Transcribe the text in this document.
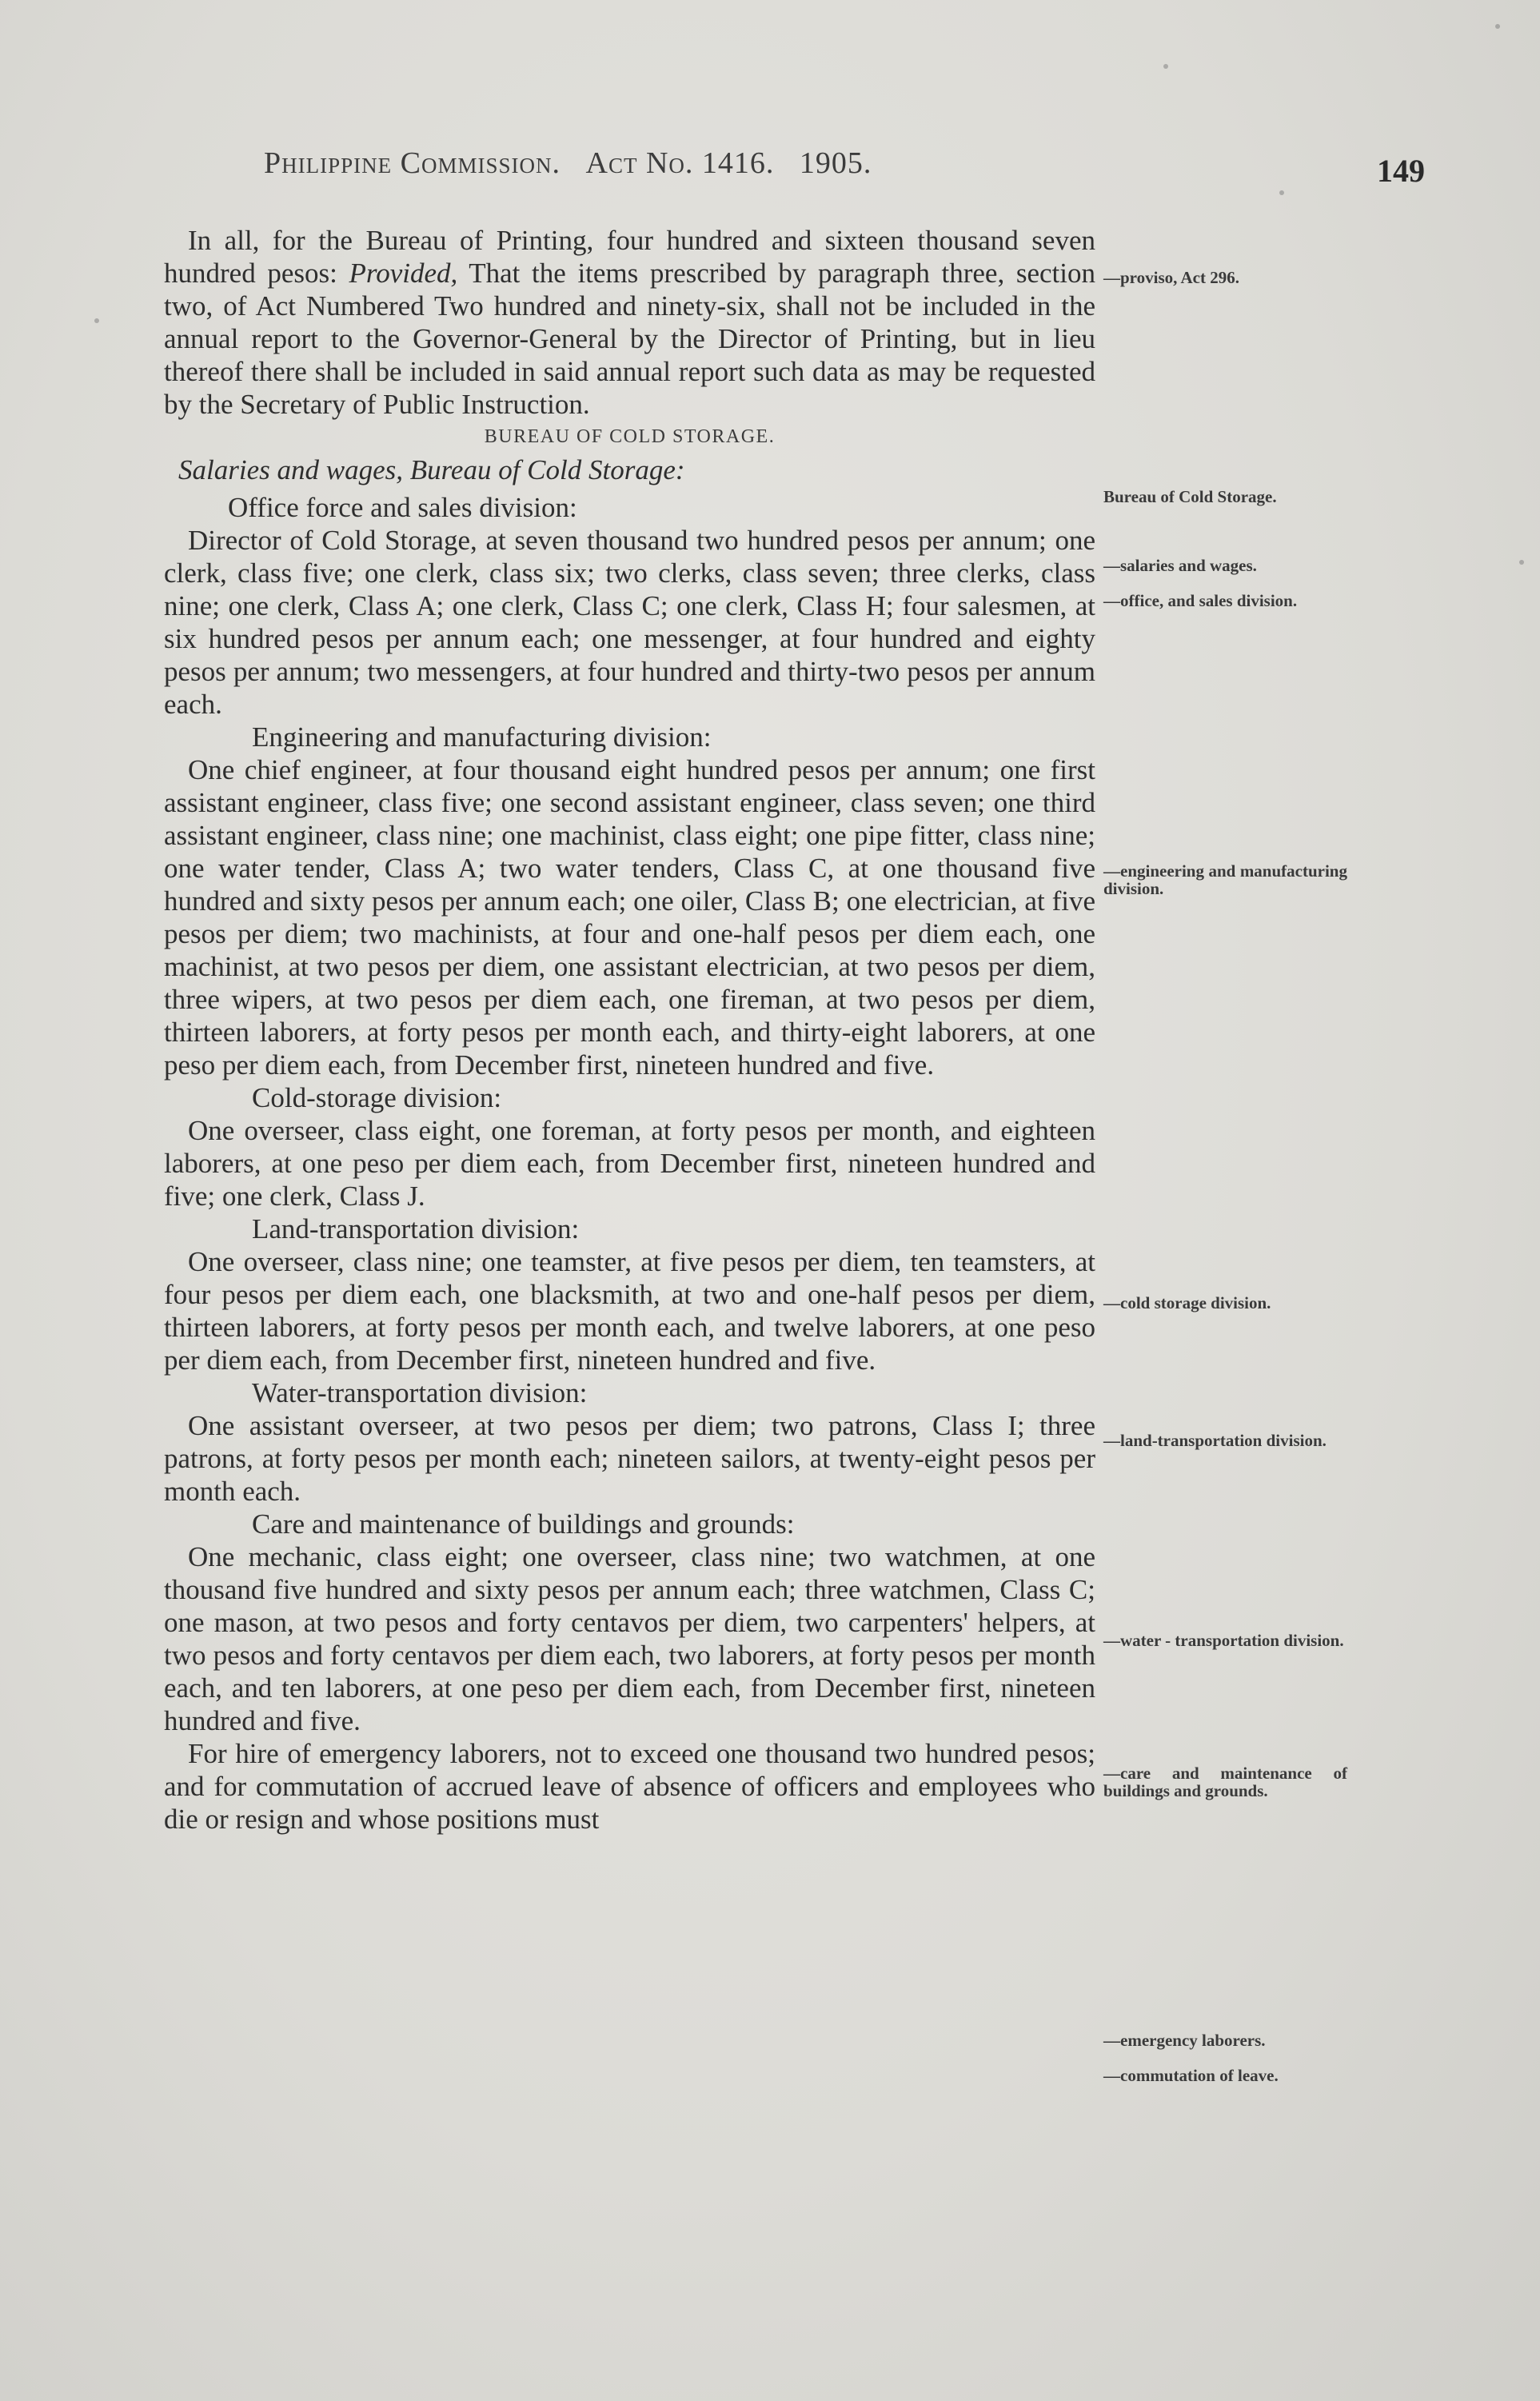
Philippine Commission. Act No. 1416. 1905.	149

In all, for the Bureau of Printing, four hundred and sixteen thousand seven hundred pesos: Provided, That the items prescribed by paragraph three, section two, of Act Numbered Two hundred and ninety-six, shall not be included in the annual report to the Governor-General by the Director of Printing, but in lieu thereof there shall be included in said annual report such data as may be requested by the Secretary of Public Instruction.

BUREAU OF COLD STORAGE.

Salaries and wages, Bureau of Cold Storage:

Office force and sales division:

Director of Cold Storage, at seven thousand two hundred pesos per annum; one clerk, class five; one clerk, class six; two clerks, class seven; three clerks, class nine; one clerk, Class A; one clerk, Class C; one clerk, Class H; four salesmen, at six hundred pesos per annum each; one messenger, at four hundred and eighty pesos per annum; two messengers, at four hundred and thirty-two pesos per annum each.

Engineering and manufacturing division:

One chief engineer, at four thousand eight hundred pesos per annum; one first assistant engineer, class five; one second assistant engineer, class seven; one third assistant engineer, class nine; one machinist, class eight; one pipe fitter, class nine; one water tender, Class A; two water tenders, Class C, at one thousand five hundred and sixty pesos per annum each; one oiler, Class B; one electrician, at five pesos per diem; two machinists, at four and one-half pesos per diem each, one machinist, at two pesos per diem, one assistant electrician, at two pesos per diem, three wipers, at two pesos per diem each, one fireman, at two pesos per diem, thirteen laborers, at forty pesos per month each, and thirty-eight laborers, at one peso per diem each, from December first, nineteen hundred and five.

Cold-storage division:

One overseer, class eight, one foreman, at forty pesos per month, and eighteen laborers, at one peso per diem each, from December first, nineteen hundred and five; one clerk, Class J.

Land-transportation division:

One overseer, class nine; one teamster, at five pesos per diem, ten teamsters, at four pesos per diem each, one blacksmith, at two and one-half pesos per diem, thirteen laborers, at forty pesos per month each, and twelve laborers, at one peso per diem each, from December first, nineteen hundred and five.

Water-transportation division:

One assistant overseer, at two pesos per diem; two patrons, Class I; three patrons, at forty pesos per month each; nineteen sailors, at twenty-eight pesos per month each.

Care and maintenance of buildings and grounds:

One mechanic, class eight; one overseer, class nine; two watchmen, at one thousand five hundred and sixty pesos per annum each; three watchmen, Class C; one mason, at two pesos and forty centavos per diem, two carpenters' helpers, at two pesos and forty centavos per diem each, two laborers, at forty pesos per month each, and ten laborers, at one peso per diem each, from December first, nineteen hundred and five.

For hire of emergency laborers, not to exceed one thousand two hundred pesos; and for commutation of accrued leave of absence of officers and employees who die or resign and whose positions must

—proviso, Act 296.
Bureau of Cold Storage.
—salaries and wages.
—office, and sales division.
—engineering and manufacturing division.
—cold storage division.
—land-transportation division.
—water - transportation division.
—care and maintenance of buildings and grounds.
—emergency laborers.
—commutation of leave.
